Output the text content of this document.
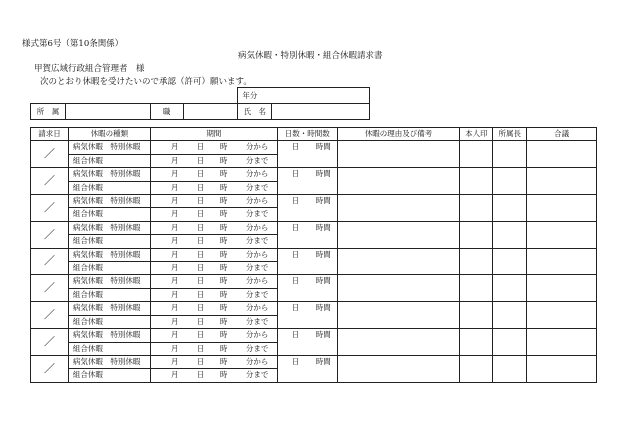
様式第6号（第10条関係）
病気休暇・特別休暇・組合休暇請求書
甲賀広域行政組合管理者　様
次のとおり休暇を受けたいので承認（許可）願います。
				年分	
所　属		職		氏　名	
請求日	休暇の種類	期間	日数・時間数	休暇の理由及び備考	本人印	所属長	合議
／	病気休暇　特別休暇	月 日 時 分から	日 時間				
	組合休暇	月 日 時 分まで					
／	病気休暇　特別休暇	月 日 時 分から	日 時間				
	組合休暇	月 日 時 分まで					
／	病気休暇　特別休暇	月 日 時 分から	日 時間				
	組合休暇	月 日 時 分まで					
／	病気休暇　特別休暇	月 日 時 分から	日 時間				
	組合休暇	月 日 時 分まで					
／	病気休暇　特別休暇	月 日 時 分から	日 時間				
	組合休暇	月 日 時 分まで					
／	病気休暇　特別休暇	月 日 時 分から	日 時間				
	組合休暇	月 日 時 分まで					
／	病気休暇　特別休暇	月 日 時 分から	日 時間				
	組合休暇	月 日 時 分まで					
／	病気休暇　特別休暇	月 日 時 分から	日 時間				
	組合休暇	月 日 時 分まで					
／	病気休暇　特別休暇	月 日 時 分から	日 時間				
	組合休暇	月 日 時 分まで					
